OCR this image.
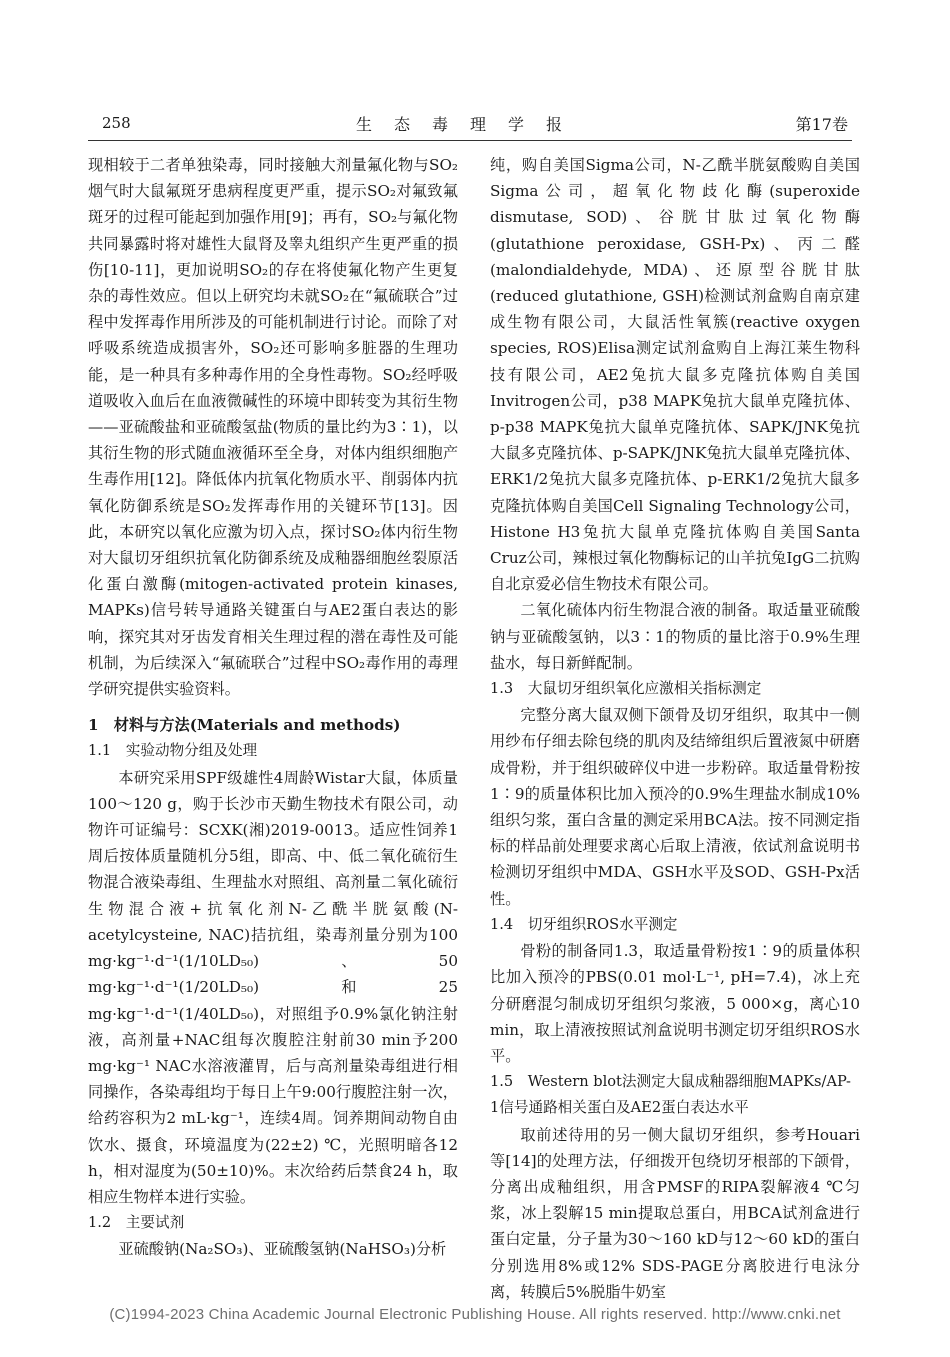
258	生态毒理学报	第17卷

现相较于二者单独染毒，同时接触大剂量氟化物与SO₂烟气时大鼠氟斑牙患病程度更严重，提示SO₂对氟致氟斑牙的过程可能起到加强作用[9]；再有，SO₂与氟化物共同暴露时将对雄性大鼠肾及睾丸组织产生更严重的损伤[10-11]，更加说明SO₂的存在将使氟化物产生更复杂的毒性效应。但以上研究均未就SO₂在“氟硫联合”过程中发挥毒作用所涉及的可能机制进行讨论。而除了对呼吸系统造成损害外，SO₂还可影响多脏器的生理功能，是一种具有多种毒作用的全身性毒物。SO₂经呼吸道吸收入血后在血液微碱性的环境中即转变为其衍生物——亚硫酸盐和亚硫酸氢盐(物质的量比约为3∶1)，以其衍生物的形式随血液循环至全身，对体内组织细胞产生毒作用[12]。降低体内抗氧化物质水平、削弱体内抗氧化防御系统是SO₂发挥毒作用的关键环节[13]。因此，本研究以氧化应激为切入点，探讨SO₂体内衍生物对大鼠切牙组织抗氧化防御系统及成釉器细胞丝裂原活化蛋白激酶(mitogen-activated protein kinases, MAPKs)信号转导通路关键蛋白与AE2蛋白表达的影响，探究其对牙齿发育相关生理过程的潜在毒性及可能机制，为后续深入“氟硫联合”过程中SO₂毒作用的毒理学研究提供实验资料。

1　材料与方法(Materials and methods)
1.1　实验动物分组及处理

本研究采用SPF级雄性4周龄Wistar大鼠，体质量100～120 g，购于长沙市天勤生物技术有限公司，动物许可证编号：SCXK(湘)2019-0013。适应性饲养1周后按体质量随机分5组，即高、中、低二氧化硫衍生物混合液染毒组、生理盐水对照组、高剂量二氧化硫衍生物混合液+抗氧化剂N-乙酰半胱氨酸(N-acetylcysteine, NAC)拮抗组，染毒剂量分别为100 mg·kg⁻¹·d⁻¹(1/10LD₅₀)、50 mg·kg⁻¹·d⁻¹(1/20LD₅₀)和25 mg·kg⁻¹·d⁻¹(1/40LD₅₀)，对照组予0.9%氯化钠注射液，高剂量+NAC组每次腹腔注射前30 min予200 mg·kg⁻¹ NAC水溶液灌胃，后与高剂量染毒组进行相同操作，各染毒组均于每日上午9:00行腹腔注射一次，给药容积为2 mL·kg⁻¹，连续4周。饲养期间动物自由饮水、摄食，环境温度为(22±2) ℃，光照明暗各12 h，相对湿度为(50±10)%。末次给药后禁食24 h，取相应生物样本进行实验。

1.2　主要试剂

亚硫酸钠(Na₂SO₃)、亚硫酸氢钠(NaHSO₃)分析

纯，购自美国Sigma公司，N-乙酰半胱氨酸购自美国Sigma公司，超氧化物歧化酶(superoxide dismutase, SOD)、谷胱甘肽过氧化物酶(glutathione peroxidase, GSH-Px)、丙二醛(malondialdehyde, MDA)、还原型谷胱甘肽(reduced glutathione, GSH)检测试剂盒购自南京建成生物有限公司，大鼠活性氧簇(reactive oxygen species, ROS)Elisa测定试剂盒购自上海江莱生物科技有限公司，AE2兔抗大鼠多克隆抗体购自美国Invitrogen公司，p38 MAPK兔抗大鼠单克隆抗体、p-p38 MAPK兔抗大鼠单克隆抗体、SAPK/JNK兔抗大鼠多克隆抗体、p-SAPK/JNK兔抗大鼠单克隆抗体、ERK1/2兔抗大鼠多克隆抗体、p-ERK1/2兔抗大鼠多克隆抗体购自美国Cell Signaling Technology公司，Histone H3兔抗大鼠单克隆抗体购自美国Santa Cruz公司，辣根过氧化物酶标记的山羊抗兔IgG二抗购自北京爱必信生物技术有限公司。

二氧化硫体内衍生物混合液的制备。取适量亚硫酸钠与亚硫酸氢钠，以3∶1的物质的量比溶于0.9%生理盐水，每日新鲜配制。

1.3　大鼠切牙组织氧化应激相关指标测定

完整分离大鼠双侧下颌骨及切牙组织，取其中一侧用纱布仔细去除包绕的肌肉及结缔组织后置液氮中研磨成骨粉，并于组织破碎仪中进一步粉碎。取适量骨粉按1∶9的质量体积比加入预冷的0.9%生理盐水制成10%组织匀浆，蛋白含量的测定采用BCA法。按不同测定指标的样品前处理要求离心后取上清液，依试剂盒说明书检测切牙组织中MDA、GSH水平及SOD、GSH-Px活性。

1.4　切牙组织ROS水平测定

骨粉的制备同1.3，取适量骨粉按1∶9的质量体积比加入预冷的PBS(0.01 mol·L⁻¹, pH=7.4)，冰上充分研磨混匀制成切牙组织匀浆液，5 000×g，离心10 min，取上清液按照试剂盒说明书测定切牙组织ROS水平。

1.5　Western blot法测定大鼠成釉器细胞MAPKs/AP-1信号通路相关蛋白及AE2蛋白表达水平

取前述待用的另一侧大鼠切牙组织，参考Houari等[14]的处理方法，仔细拨开包绕切牙根部的下颌骨，分离出成釉组织，用含PMSF的RIPA裂解液4 ℃匀浆，冰上裂解15 min提取总蛋白，用BCA试剂盒进行蛋白定量，分子量为30～160 kD与12～60 kD的蛋白分别选用8%或12% SDS-PAGE分离胶进行电泳分离，转膜后5%脱脂牛奶室

(C)1994-2023 China Academic Journal Electronic Publishing House. All rights reserved. http://www.cnki.net
